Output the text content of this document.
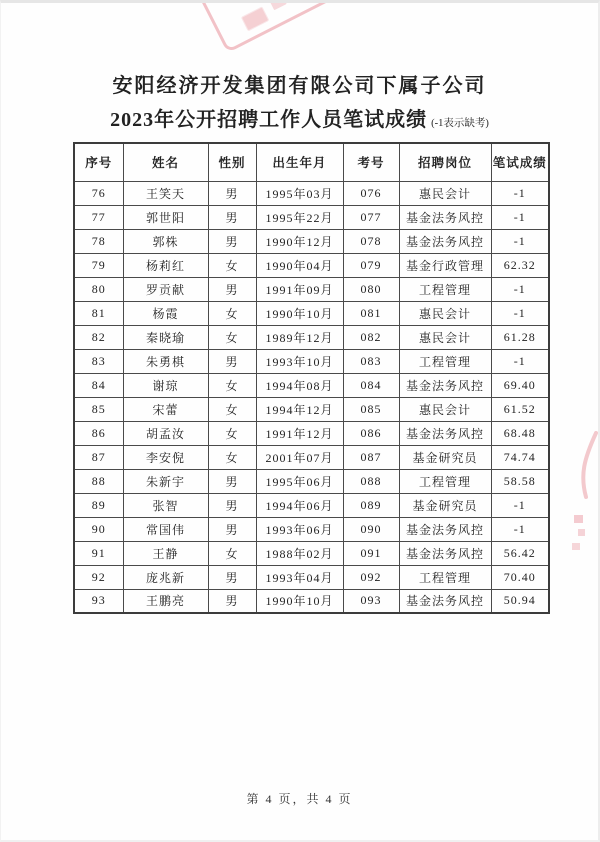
安阳经济开发集团有限公司下属子公司
2023年公开招聘工作人员笔试成绩 (-1表示缺考)
序号	姓名	性别	出生年月	考号	招聘岗位	笔试成绩
76	王笑天	男	1995年03月	076	惠民会计	-1
77	郭世阳	男	1995年22月	077	基金法务风控	-1
78	郭株	男	1990年12月	078	基金法务风控	-1
79	杨莉红	女	1990年04月	079	基金行政管理	62.32
80	罗贡献	男	1991年09月	080	工程管理	-1
81	杨霞	女	1990年10月	081	惠民会计	-1
82	秦晓瑜	女	1989年12月	082	惠民会计	61.28
83	朱勇棋	男	1993年10月	083	工程管理	-1
84	谢琼	女	1994年08月	084	基金法务风控	69.40
85	宋蕾	女	1994年12月	085	惠民会计	61.52
86	胡孟汝	女	1991年12月	086	基金法务风控	68.48
87	李安倪	女	2001年07月	087	基金研究员	74.74
88	朱新宇	男	1995年06月	088	工程管理	58.58
89	张智	男	1994年06月	089	基金研究员	-1
90	常国伟	男	1993年06月	090	基金法务风控	-1
91	王静	女	1988年02月	091	基金法务风控	56.42
92	庞兆新	男	1993年04月	092	工程管理	70.40
93	王鹏亮	男	1990年10月	093	基金法务风控	50.94
第 4 页，共 4 页
